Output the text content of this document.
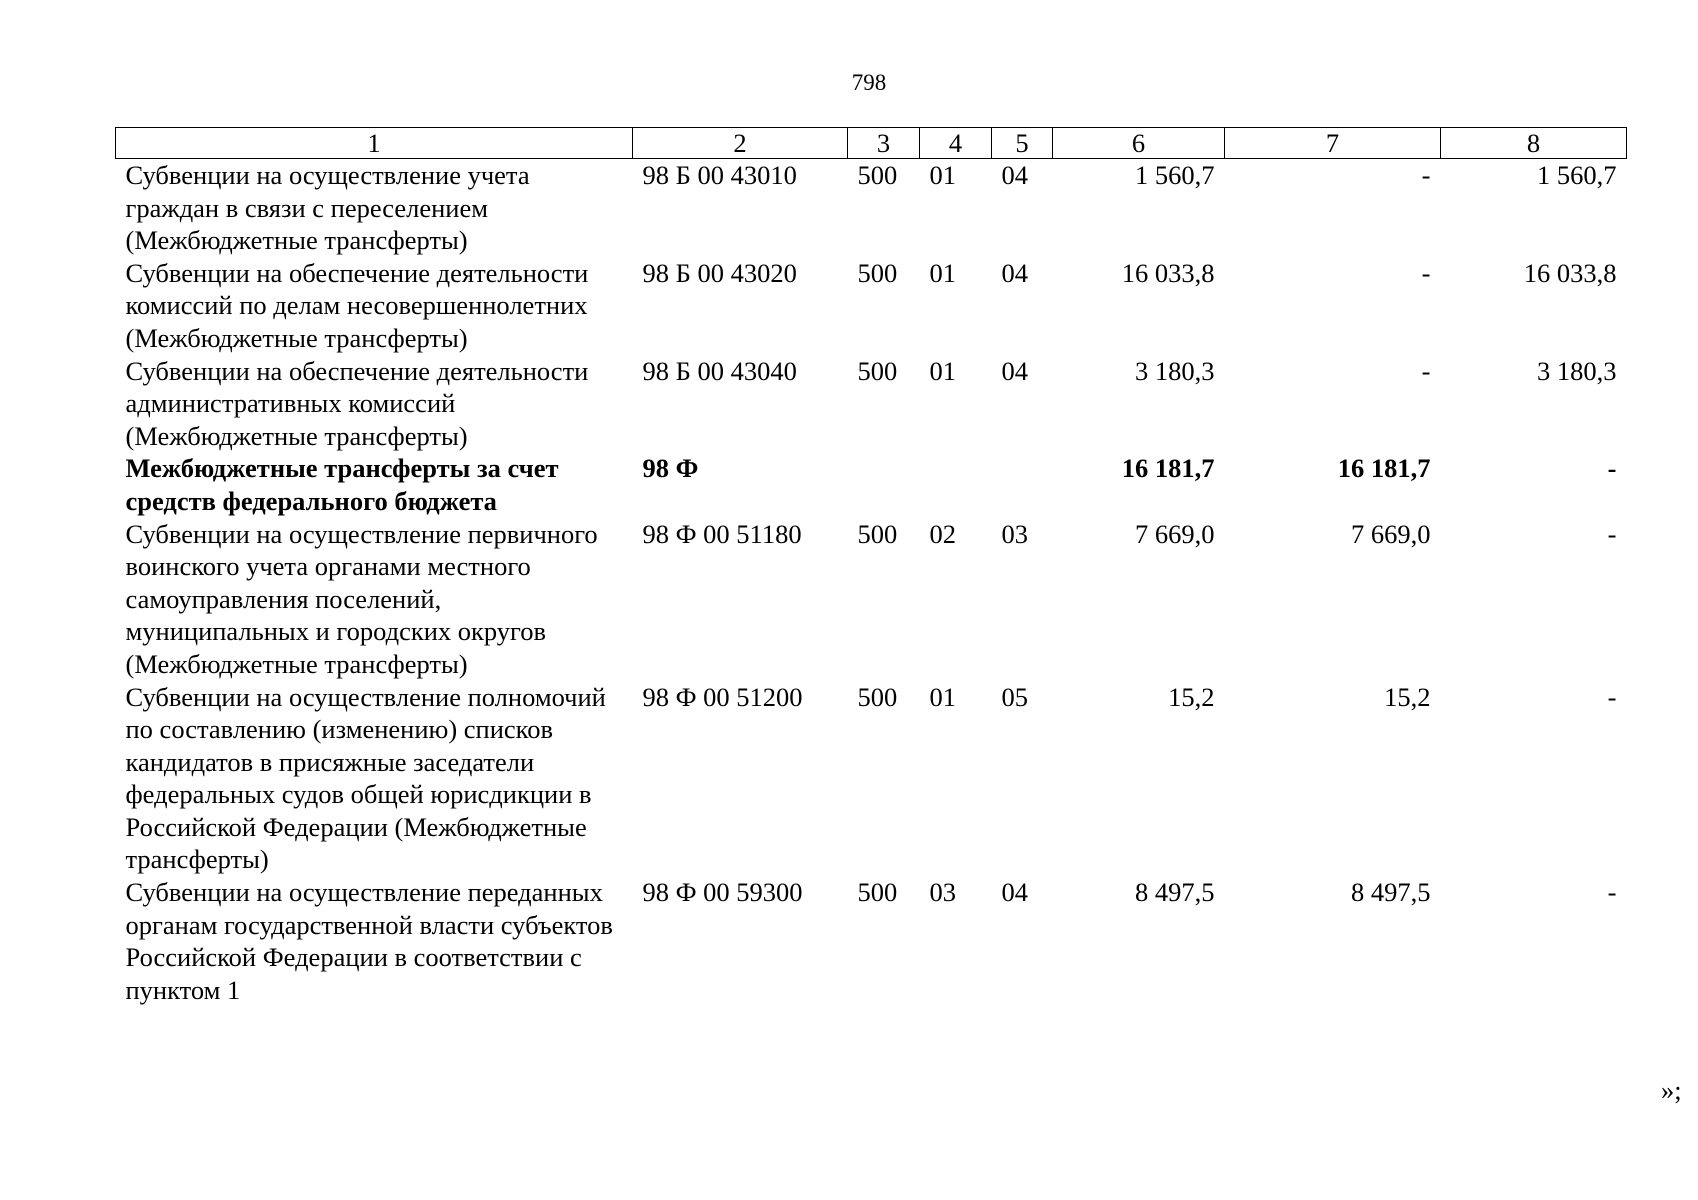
798
1	2	3	4	5	6	7	8
Субвенции на осуществление учета граждан в связи с переселением (Межбюджетные трансферты)	98 Б 00 43010	500	01	04	1 560,7	-	1 560,7
Субвенции на обеспечение деятельности комиссий по делам несовершеннолетних (Межбюджетные трансферты)	98 Б 00 43020	500	01	04	16 033,8	-	16 033,8
Субвенции на обеспечение деятельности административных комиссий (Межбюджетные трансферты)	98 Б 00 43040	500	01	04	3 180,3	-	3 180,3
Межбюджетные трансферты за счет средств федерального бюджета	98 Ф				16 181,7	16 181,7	-
Субвенции на осуществление первичного воинского учета органами местного самоуправления поселений, муниципальных и городских округов (Межбюджетные трансферты)	98 Ф 00 51180	500	02	03	7 669,0	7 669,0	-
Субвенции на осуществление полномочий по составлению (изменению) списков кандидатов в присяжные заседатели федеральных судов общей юрисдикции в Российской Федерации (Межбюджетные трансферты)	98 Ф 00 51200	500	01	05	15,2	15,2	-
Субвенции на осуществление переданных органам государственной власти субъектов Российской Федерации в соответствии с пунктом 1	98 Ф 00 59300	500	03	04	8 497,5	8 497,5	-
»;
